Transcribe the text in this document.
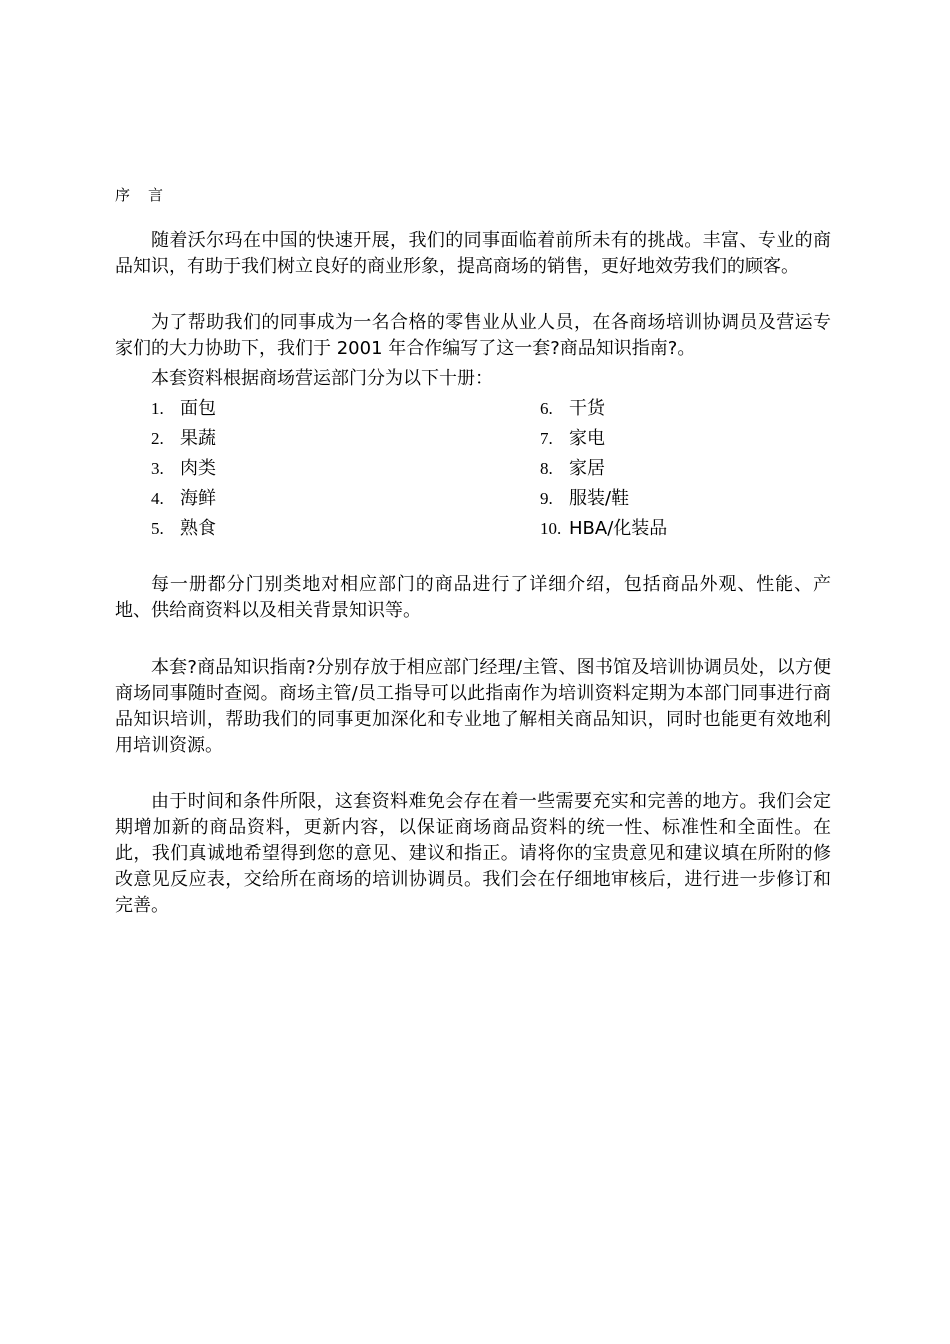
序言

随着沃尔玛在中国的快速开展，我们的同事面临着前所未有的挑战。丰富、专业的商品知识，有助于我们树立良好的商业形象，提高商场的销售，更好地效劳我们的顾客。

为了帮助我们的同事成为一名合格的零售业从业人员，在各商场培训协调员及营运专家们的大力协助下，我们于 2001 年合作编写了这一套?商品知识指南?。

本套资料根据商场营运部门分为以下十册：

1. 面包
2. 果蔬
3. 肉类
4. 海鲜
5. 熟食
6. 干货
7. 家电
8. 家居
9. 服装/鞋
10. HBA/化装品

每一册都分门别类地对相应部门的商品进行了详细介绍，包括商品外观、性能、产地、供给商资料以及相关背景知识等。

本套?商品知识指南?分别存放于相应部门经理/主管、图书馆及培训协调员处，以方便商场同事随时查阅。商场主管/员工指导可以此指南作为培训资料定期为本部门同事进行商品知识培训，帮助我们的同事更加深化和专业地了解相关商品知识，同时也能更有效地利用培训资源。

由于时间和条件所限，这套资料难免会存在着一些需要充实和完善的地方。我们会定期增加新的商品资料，更新内容，以保证商场商品资料的统一性、标准性和全面性。在此，我们真诚地希望得到您的意见、建议和指正。请将你的宝贵意见和建议填在所附的修改意见反应表，交给所在商场的培训协调员。我们会在仔细地审核后，进行进一步修订和完善。
